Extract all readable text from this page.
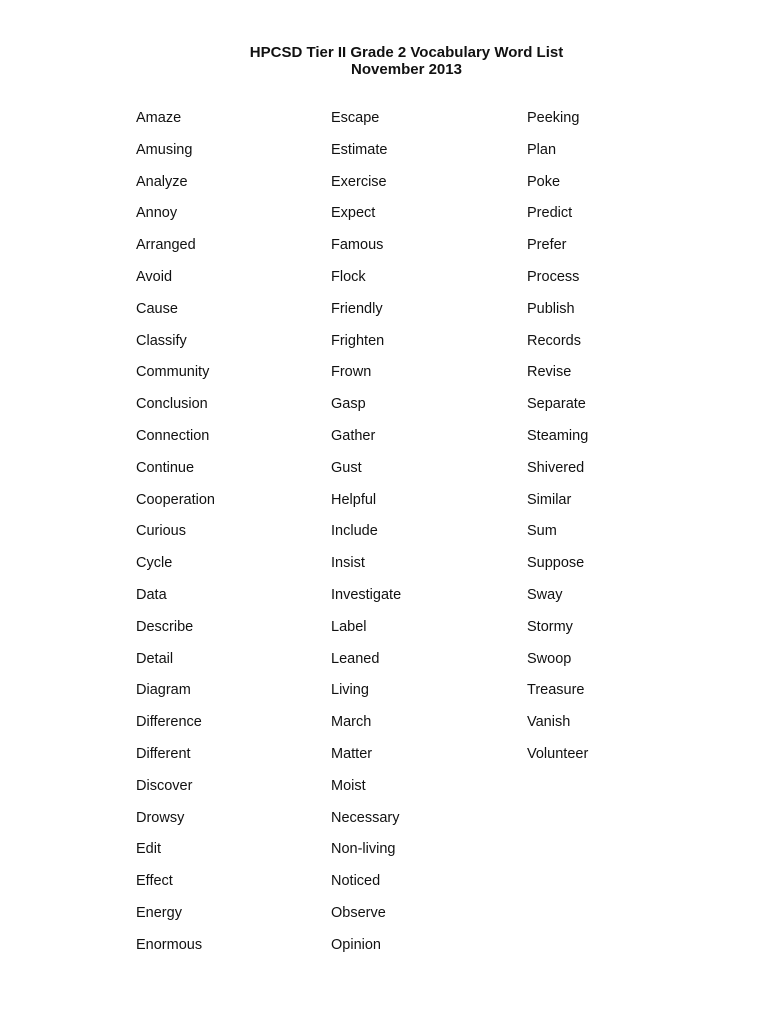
HPCSD Tier II Grade 2 Vocabulary Word List
November 2013
Amaze
Amusing
Analyze
Annoy
Arranged
Avoid
Cause
Classify
Community
Conclusion
Connection
Continue
Cooperation
Curious
Cycle
Data
Describe
Detail
Diagram
Difference
Different
Discover
Drowsy
Edit
Effect
Energy
Enormous
Escape
Estimate
Exercise
Expect
Famous
Flock
Friendly
Frighten
Frown
Gasp
Gather
Gust
Helpful
Include
Insist
Investigate
Label
Leaned
Living
March
Matter
Moist
Necessary
Non-living
Noticed
Observe
Opinion
Peeking
Plan
Poke
Predict
Prefer
Process
Publish
Records
Revise
Separate
Steaming
Shivered
Similar
Sum
Suppose
Sway
Stormy
Swoop
Treasure
Vanish
Volunteer
